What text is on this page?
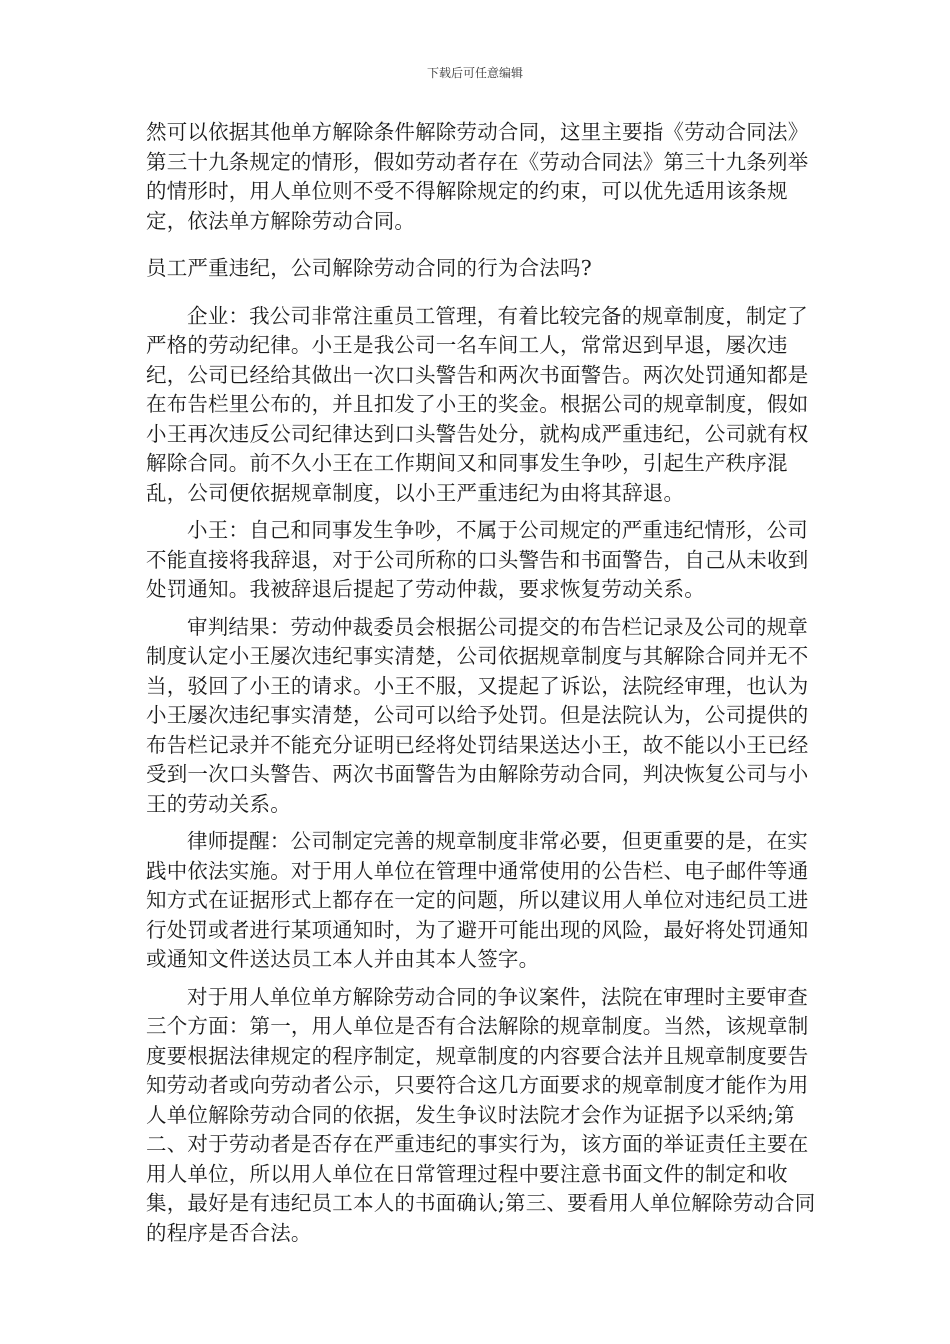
下载后可任意编辑

然可以依据其他单方解除条件解除劳动合同，这里主要指《劳动合同法》第三十九条规定的情形，假如劳动者存在《劳动合同法》第三十九条列举的情形时，用人单位则不受不得解除规定的约束，可以优先适用该条规定，依法单方解除劳动合同。

员工严重违纪，公司解除劳动合同的行为合法吗?

企业：我公司非常注重员工管理，有着比较完备的规章制度，制定了严格的劳动纪律。小王是我公司一名车间工人，常常迟到早退，屡次违纪，公司已经给其做出一次口头警告和两次书面警告。两次处罚通知都是在布告栏里公布的，并且扣发了小王的奖金。根据公司的规章制度，假如小王再次违反公司纪律达到口头警告处分，就构成严重违纪，公司就有权解除合同。前不久小王在工作期间又和同事发生争吵，引起生产秩序混乱，公司便依据规章制度，以小王严重违纪为由将其辞退。

小王：自己和同事发生争吵，不属于公司规定的严重违纪情形，公司不能直接将我辞退，对于公司所称的口头警告和书面警告，自己从未收到处罚通知。我被辞退后提起了劳动仲裁，要求恢复劳动关系。

审判结果：劳动仲裁委员会根据公司提交的布告栏记录及公司的规章制度认定小王屡次违纪事实清楚，公司依据规章制度与其解除合同并无不当，驳回了小王的请求。小王不服，又提起了诉讼，法院经审理，也认为小王屡次违纪事实清楚，公司可以给予处罚。但是法院认为，公司提供的布告栏记录并不能充分证明已经将处罚结果送达小王，故不能以小王已经受到一次口头警告、两次书面警告为由解除劳动合同，判决恢复公司与小王的劳动关系。

律师提醒：公司制定完善的规章制度非常必要，但更重要的是，在实践中依法实施。对于用人单位在管理中通常使用的公告栏、电子邮件等通知方式在证据形式上都存在一定的问题，所以建议用人单位对违纪员工进行处罚或者进行某项通知时，为了避开可能出现的风险，最好将处罚通知或通知文件送达员工本人并由其本人签字。

对于用人单位单方解除劳动合同的争议案件，法院在审理时主要审查三个方面：第一，用人单位是否有合法解除的规章制度。当然，该规章制度要根据法律规定的程序制定，规章制度的内容要合法并且规章制度要告知劳动者或向劳动者公示，只要符合这几方面要求的规章制度才能作为用人单位解除劳动合同的依据，发生争议时法院才会作为证据予以采纳;第二、对于劳动者是否存在严重违纪的事实行为，该方面的举证责任主要在用人单位，所以用人单位在日常管理过程中要注意书面文件的制定和收集，最好是有违纪员工本人的书面确认;第三、要看用人单位解除劳动合同的程序是否合法。
